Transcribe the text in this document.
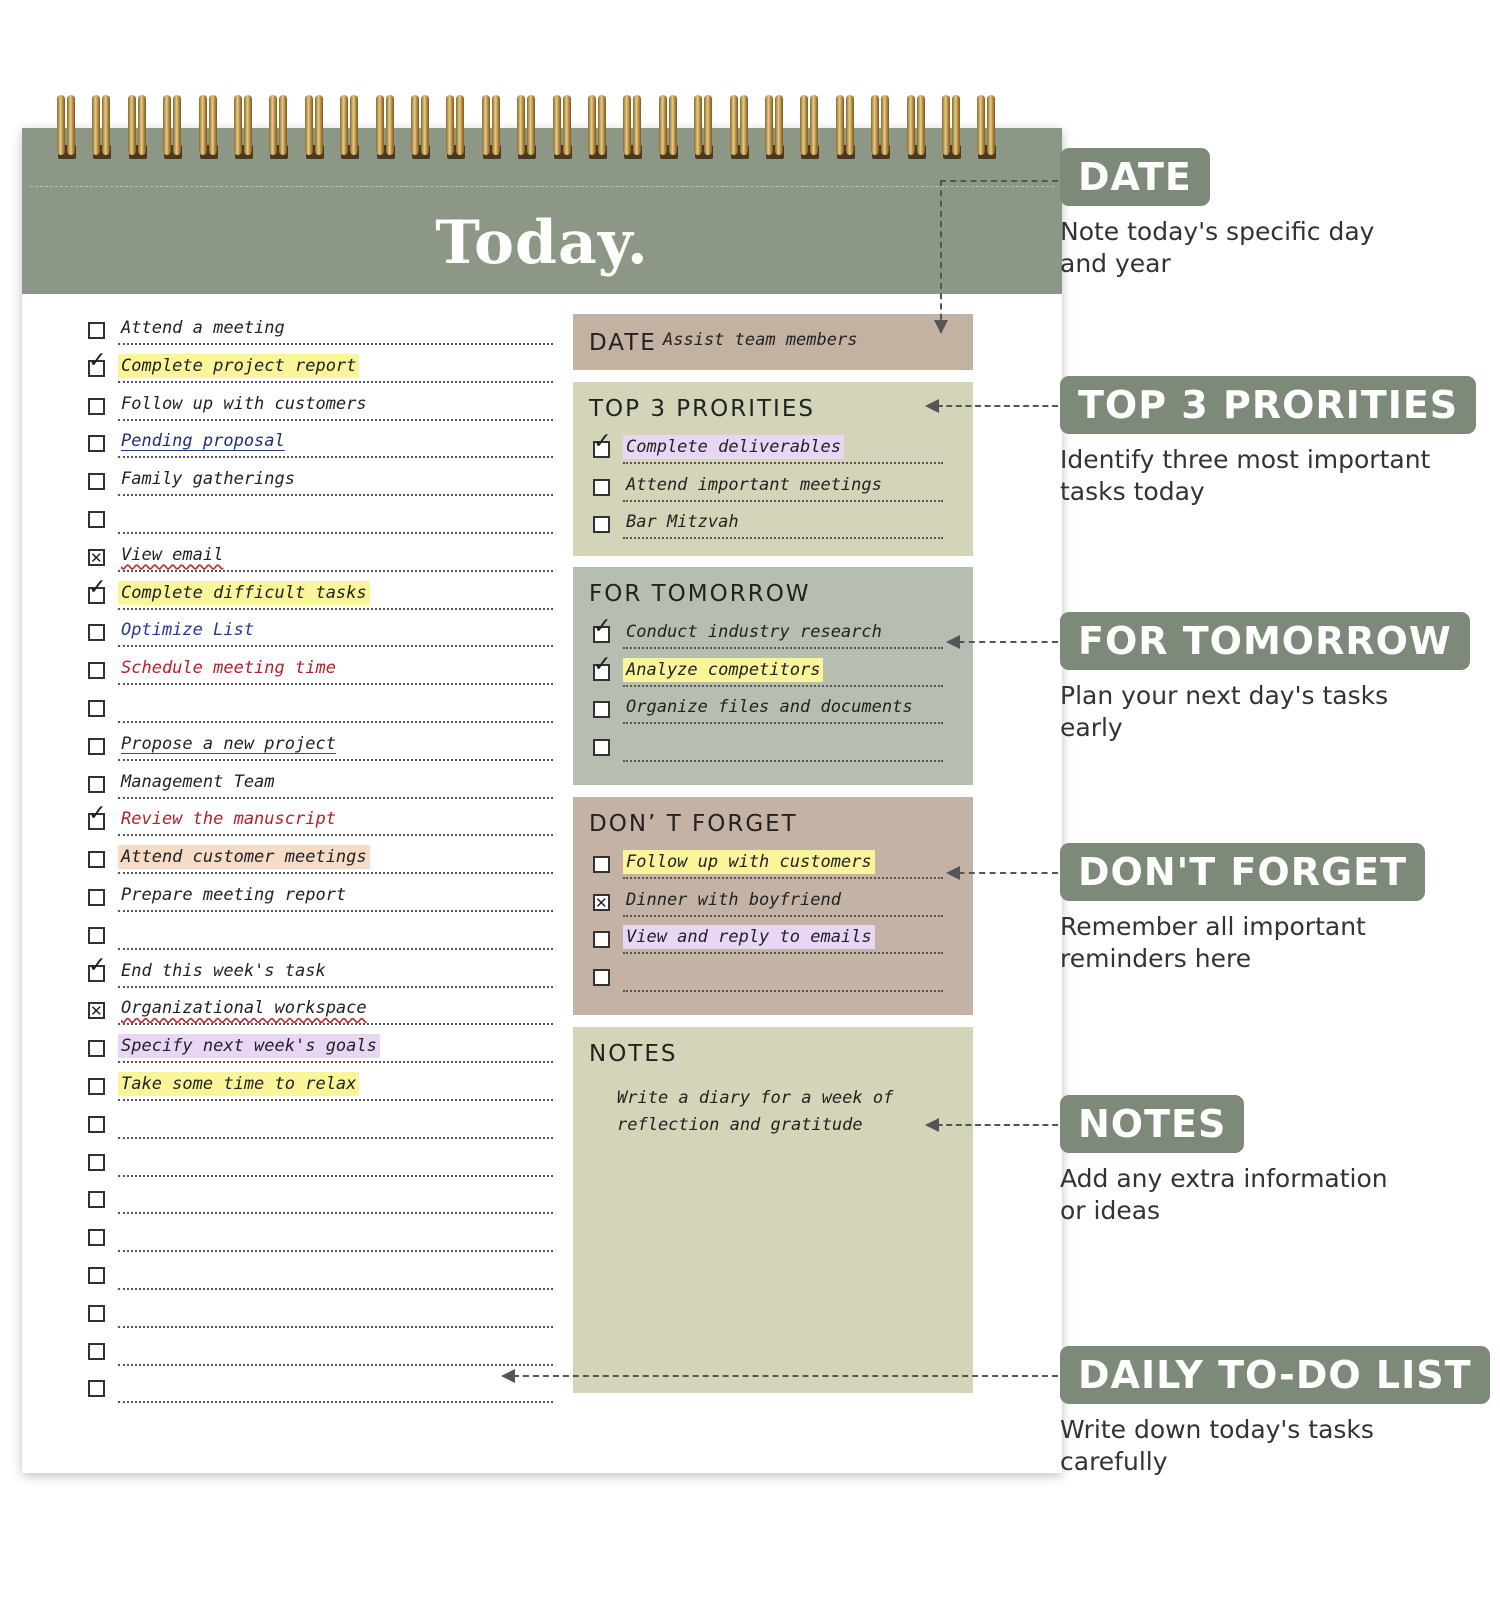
Today.
DATE Assist team members
TOP 3 PRORITIES
✓ Complete deliverables
Attend important meetings
Bar Mitzvah
FOR TOMORROW
✓ Conduct industry research
✓ Analyze competitors
Organize files and documents
DON’ T FORGET
Follow up with customers
✕ Dinner with boyfriend
View and reply to emails
NOTES
Write a diary for a week of
reflection and gratitude
Attend a meeting
✓ Complete project report
Follow up with customers
Pending proposal
Family gatherings
✕ View email
✓ Complete difficult tasks
Optimize List
Schedule meeting time
Propose a new project
Management Team
✓ Review the manuscript
Attend customer meetings
Prepare meeting report
✓ End this week's task
✕ Organizational workspace
Specify next week's goals
Take some time to relax
DATE
Note today's specific day and year
TOP 3 PRORITIES
Identify three most important tasks today
FOR TOMORROW
Plan your next day's tasks early
DON'T FORGET
Remember all important reminders here
NOTES
Add any extra information or ideas
DAILY TO-DO LIST
Write down today's tasks carefully
